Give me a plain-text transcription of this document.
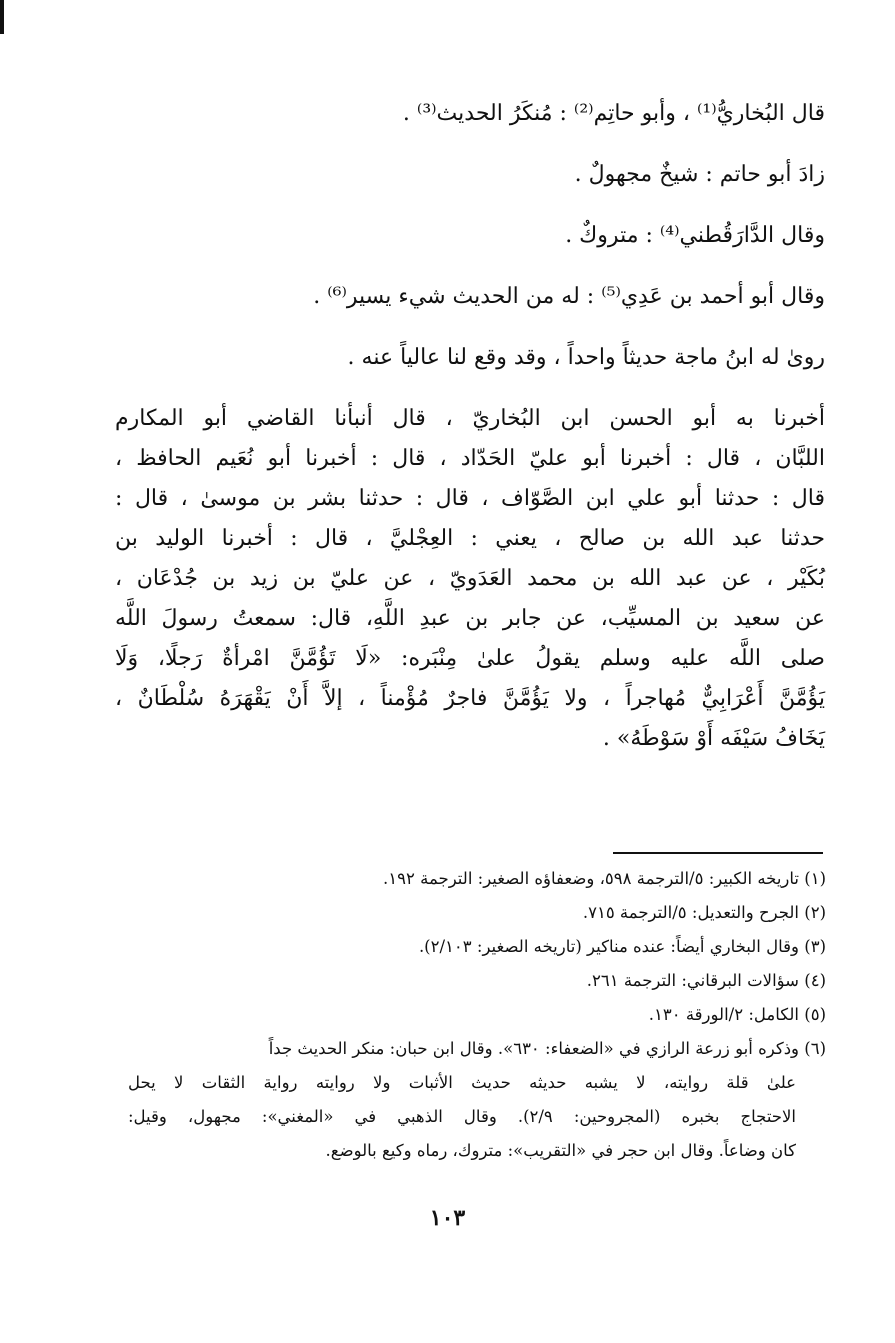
قال البُخاريُّ⁽¹⁾ ، وأبو حاتِم⁽²⁾ : مُنكَرُ الحديث⁽³⁾ .

زادَ أبو حاتم : شيخٌ مجهولٌ .

وقال الدَّارَقُطني⁽⁴⁾ : متروكٌ .

وقال أبو أحمد بن عَدِي⁽⁵⁾ : له من الحديث شيء يسير⁽⁶⁾ .

روىٰ له ابنُ ماجة حديثاً واحداً ، وقد وقع لنا عالياً عنه .

أخبرنا به أبو الحسن ابن البُخاريّ ، قال أنبأنا القاضي أبو المكارم

اللبَّان ، قال : أخبرنا أبو عليّ الحَدّاد ، قال : أخبرنا أبو نُعَيم الحافظ ،

قال : حدثنا أبو علي ابن الصَّوّاف ، قال : حدثنا بشر بن موسىٰ ، قال :

حدثنا عبد الله بن صالح ، يعني : العِجْليَّ ، قال : أخبرنا الوليد بن

بُكَيْر ، عن عبد الله بن محمد العَدَويّ ، عن عليّ بن زيد بن جُدْعَان ،

عن سعيد بن المسيِّب، عن جابر بن عبدِ اللَّهِ، قال: سمعتُ رسولَ اللَّه

صلى اللَّه عليه وسلم يقولُ علىٰ مِنْبَره: «لَا تَؤُمَّنَّ امْرأةٌ رَجلًا، وَلَا

يَؤُمَّنَّ أَعْرَابِيٌّ مُهاجراً ، ولا يَؤُمَّنَّ فاجرٌ مُؤْمناً ، إلاَّ أَنْ يَقْهَرَهُ سُلْطَانٌ ،

يَخَافُ سَيْفَه أَوْ سَوْطَهُ» .

(١) تاريخه الكبير: ٥/الترجمة ٥٩٨، وضعفاؤه الصغير: الترجمة ١٩٢.
(٢) الجرح والتعديل: ٥/الترجمة ٧١٥.
(٣) وقال البخاري أيضاً: عنده مناكير (تاريخه الصغير: ٢/١٠٣).
(٤) سؤالات البرقاني: الترجمة ٢٦١.
(٥) الكامل: ٢/الورقة ١٣٠.
(٦) وذكره أبو زرعة الرازي في «الضعفاء: ٦٣٠». وقال ابن حبان: منكر الحديث جداً
علىٰ قلة روايته، لا يشبه حديثه حديث الأثبات ولا روايته رواية الثقات لا يحل
الاحتجاج بخبره (المجروحين: ٢/٩). وقال الذهبي في «المغني»: مجهول، وقيل:
كان وضاعاً. وقال ابن حجر في «التقريب»: متروك، رماه وكيع بالوضع.
١٠٣
